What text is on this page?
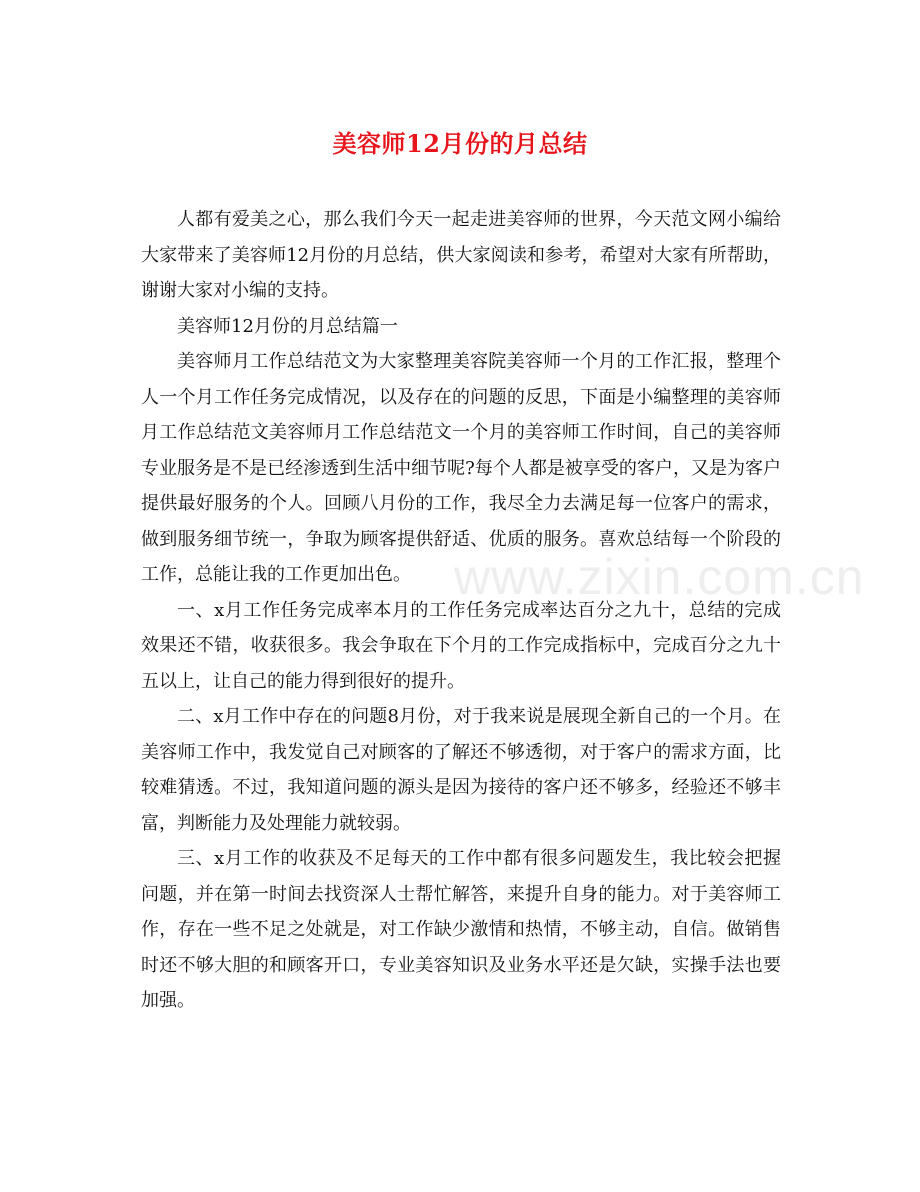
美容师12月份的月总结

人都有爱美之心，那么我们今天一起走进美容师的世界，今天范文网小编给大家带来了美容师12月份的月总结，供大家阅读和参考，希望对大家有所帮助，谢谢大家对小编的支持。

美容师12月份的月总结篇一

美容师月工作总结范文为大家整理美容院美容师一个月的工作汇报，整理个人一个月工作任务完成情况，以及存在的问题的反思，下面是小编整理的美容师月工作总结范文美容师月工作总结范文一个月的美容师工作时间，自己的美容师专业服务是不是已经渗透到生活中细节呢?每个人都是被享受的客户，又是为客户提供最好服务的个人。回顾八月份的工作，我尽全力去满足每一位客户的需求，做到服务细节统一，争取为顾客提供舒适、优质的服务。喜欢总结每一个阶段的工作，总能让我的工作更加出色。

一、x月工作任务完成率本月的工作任务完成率达百分之九十，总结的完成效果还不错，收获很多。我会争取在下个月的工作完成指标中，完成百分之九十五以上，让自己的能力得到很好的提升。

二、x月工作中存在的问题8月份，对于我来说是展现全新自己的一个月。在美容师工作中，我发觉自己对顾客的了解还不够透彻，对于客户的需求方面，比较难猜透。不过，我知道问题的源头是因为接待的客户还不够多，经验还不够丰富，判断能力及处理能力就较弱。

三、x月工作的收获及不足每天的工作中都有很多问题发生，我比较会把握问题，并在第一时间去找资深人士帮忙解答，来提升自身的能力。对于美容师工作，存在一些不足之处就是，对工作缺少激情和热情，不够主动，自信。做销售时还不够大胆的和顾客开口，专业美容知识及业务水平还是欠缺，实操手法也要加强。

www.zixin.com.cn
